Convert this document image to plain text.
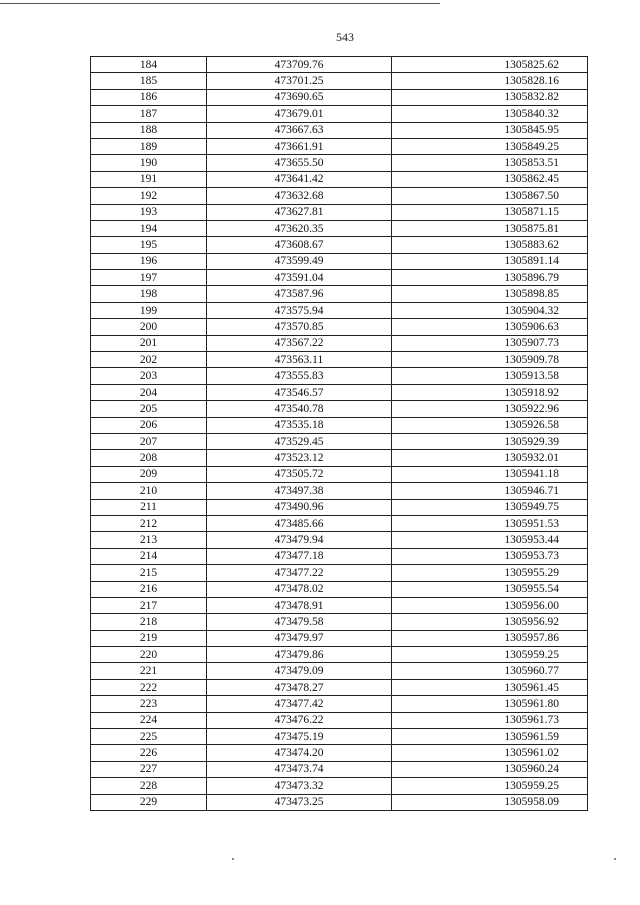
543
184	473709.76	1305825.62
185	473701.25	1305828.16
186	473690.65	1305832.82
187	473679.01	1305840.32
188	473667.63	1305845.95
189	473661.91	1305849.25
190	473655.50	1305853.51
191	473641.42	1305862.45
192	473632.68	1305867.50
193	473627.81	1305871.15
194	473620.35	1305875.81
195	473608.67	1305883.62
196	473599.49	1305891.14
197	473591.04	1305896.79
198	473587.96	1305898.85
199	473575.94	1305904.32
200	473570.85	1305906.63
201	473567.22	1305907.73
202	473563.11	1305909.78
203	473555.83	1305913.58
204	473546.57	1305918.92
205	473540.78	1305922.96
206	473535.18	1305926.58
207	473529.45	1305929.39
208	473523.12	1305932.01
209	473505.72	1305941.18
210	473497.38	1305946.71
211	473490.96	1305949.75
212	473485.66	1305951.53
213	473479.94	1305953.44
214	473477.18	1305953.73
215	473477.22	1305955.29
216	473478.02	1305955.54
217	473478.91	1305956.00
218	473479.58	1305956.92
219	473479.97	1305957.86
220	473479.86	1305959.25
221	473479.09	1305960.77
222	473478.27	1305961.45
223	473477.42	1305961.80
224	473476.22	1305961.73
225	473475.19	1305961.59
226	473474.20	1305961.02
227	473473.74	1305960.24
228	473473.32	1305959.25
229	473473.25	1305958.09
